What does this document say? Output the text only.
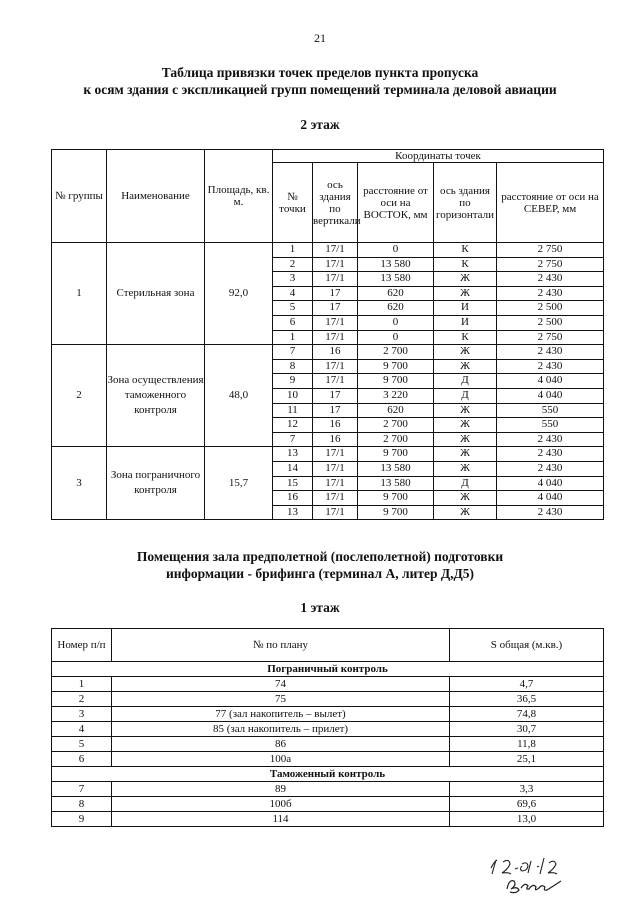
21
Таблица привязки точек пределов пункта пропуска
к осям здания с экспликацией групп помещений терминала деловой авиации
2 этаж
№ группы	Наименование	Площадь, кв. м.	Координаты точек				
			№ точки	ось здания по вертикали	расстояние от оси на ВОСТОК, мм	ось здания по горизонтали	расстояние от оси на СЕВЕР, мм
1	Стерильная зона	92,0	1	17/1	0	К	2 750
			2	17/1	13 580	К	2 750
			3	17/1	13 580	Ж	2 430
			4	17	620	Ж	2 430
			5	17	620	И	2 500
			6	17/1	0	И	2 500
			1	17/1	0	К	2 750
2	Зона осуществления таможенного контроля	48,0	7	16	2 700	Ж	2 430
			8	17/1	9 700	Ж	2 430
			9	17/1	9 700	Д	4 040
			10	17	3 220	Д	4 040
			11	17	620	Ж	550
			12	16	2 700	Ж	550
			7	16	2 700	Ж	2 430
3	Зона пограничного контроля	15,7	13	17/1	9 700	Ж	2 430
			14	17/1	13 580	Ж	2 430
			15	17/1	13 580	Д	4 040
			16	17/1	9 700	Ж	4 040
			13	17/1	9 700	Ж	2 430
Помещения зала предполетной (послеполетной) подготовки
информации - брифинга (терминал А, литер Д,Д5)
1 этаж
Номер п/п	№ по плану	S общая (м.кв.)
Пограничный контроль		
1	74	4,7
2	75	36,5
3	77 (зал накопитель – вылет)	74,8
4	85 (зал накопитель – прилет)	30,7
5	86	11,8
6	100а	25,1
Таможенный контроль		
7	89	3,3
8	100б	69,6
9	114	13,0
